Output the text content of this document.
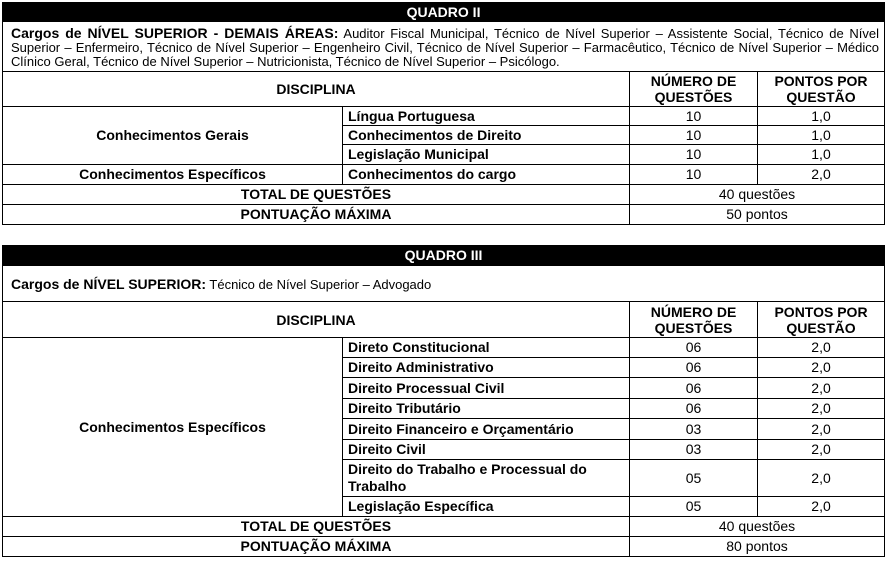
QUADRO II			
Cargos de NÍVEL SUPERIOR - DEMAIS ÁREAS: Auditor Fiscal Municipal, Técnico de Nível Superior – Assistente Social, Técnico de Nível Superior – Enfermeiro, Técnico de Nível Superior – Engenheiro Civil, Técnico de Nível Superior – Farmacêutico, Técnico de Nível Superior – Médico Clínico Geral, Técnico de Nível Superior – Nutricionista, Técnico de Nível Superior – Psicólogo.			
DISCIPLINA		NÚMERO DE QUESTÕES	PONTOS POR QUESTÃO
Conhecimentos Gerais	Língua Portuguesa	10	1,0
	Conhecimentos de Direito	10	1,0
	Legislação Municipal	10	1,0
Conhecimentos Específicos	Conhecimentos do cargo	10	2,0
TOTAL DE QUESTÕES		40 questões	
PONTUAÇÃO MÁXIMA		50 pontos	
QUADRO III			
Cargos de NÍVEL SUPERIOR: Técnico de Nível Superior – Advogado			
DISCIPLINA		NÚMERO DE QUESTÕES	PONTOS POR QUESTÃO
Conhecimentos Específicos	Direto Constitucional	06	2,0
	Direito Administrativo	06	2,0
	Direito Processual Civil	06	2,0
	Direito Tributário	06	2,0
	Direito Financeiro e Orçamentário	03	2,0
	Direito Civil	03	2,0
	Direito do Trabalho e Processual do Trabalho	05	2,0
	Legislação Específica	05	2,0
TOTAL DE QUESTÕES		40 questões	
PONTUAÇÃO MÁXIMA		80 pontos	
